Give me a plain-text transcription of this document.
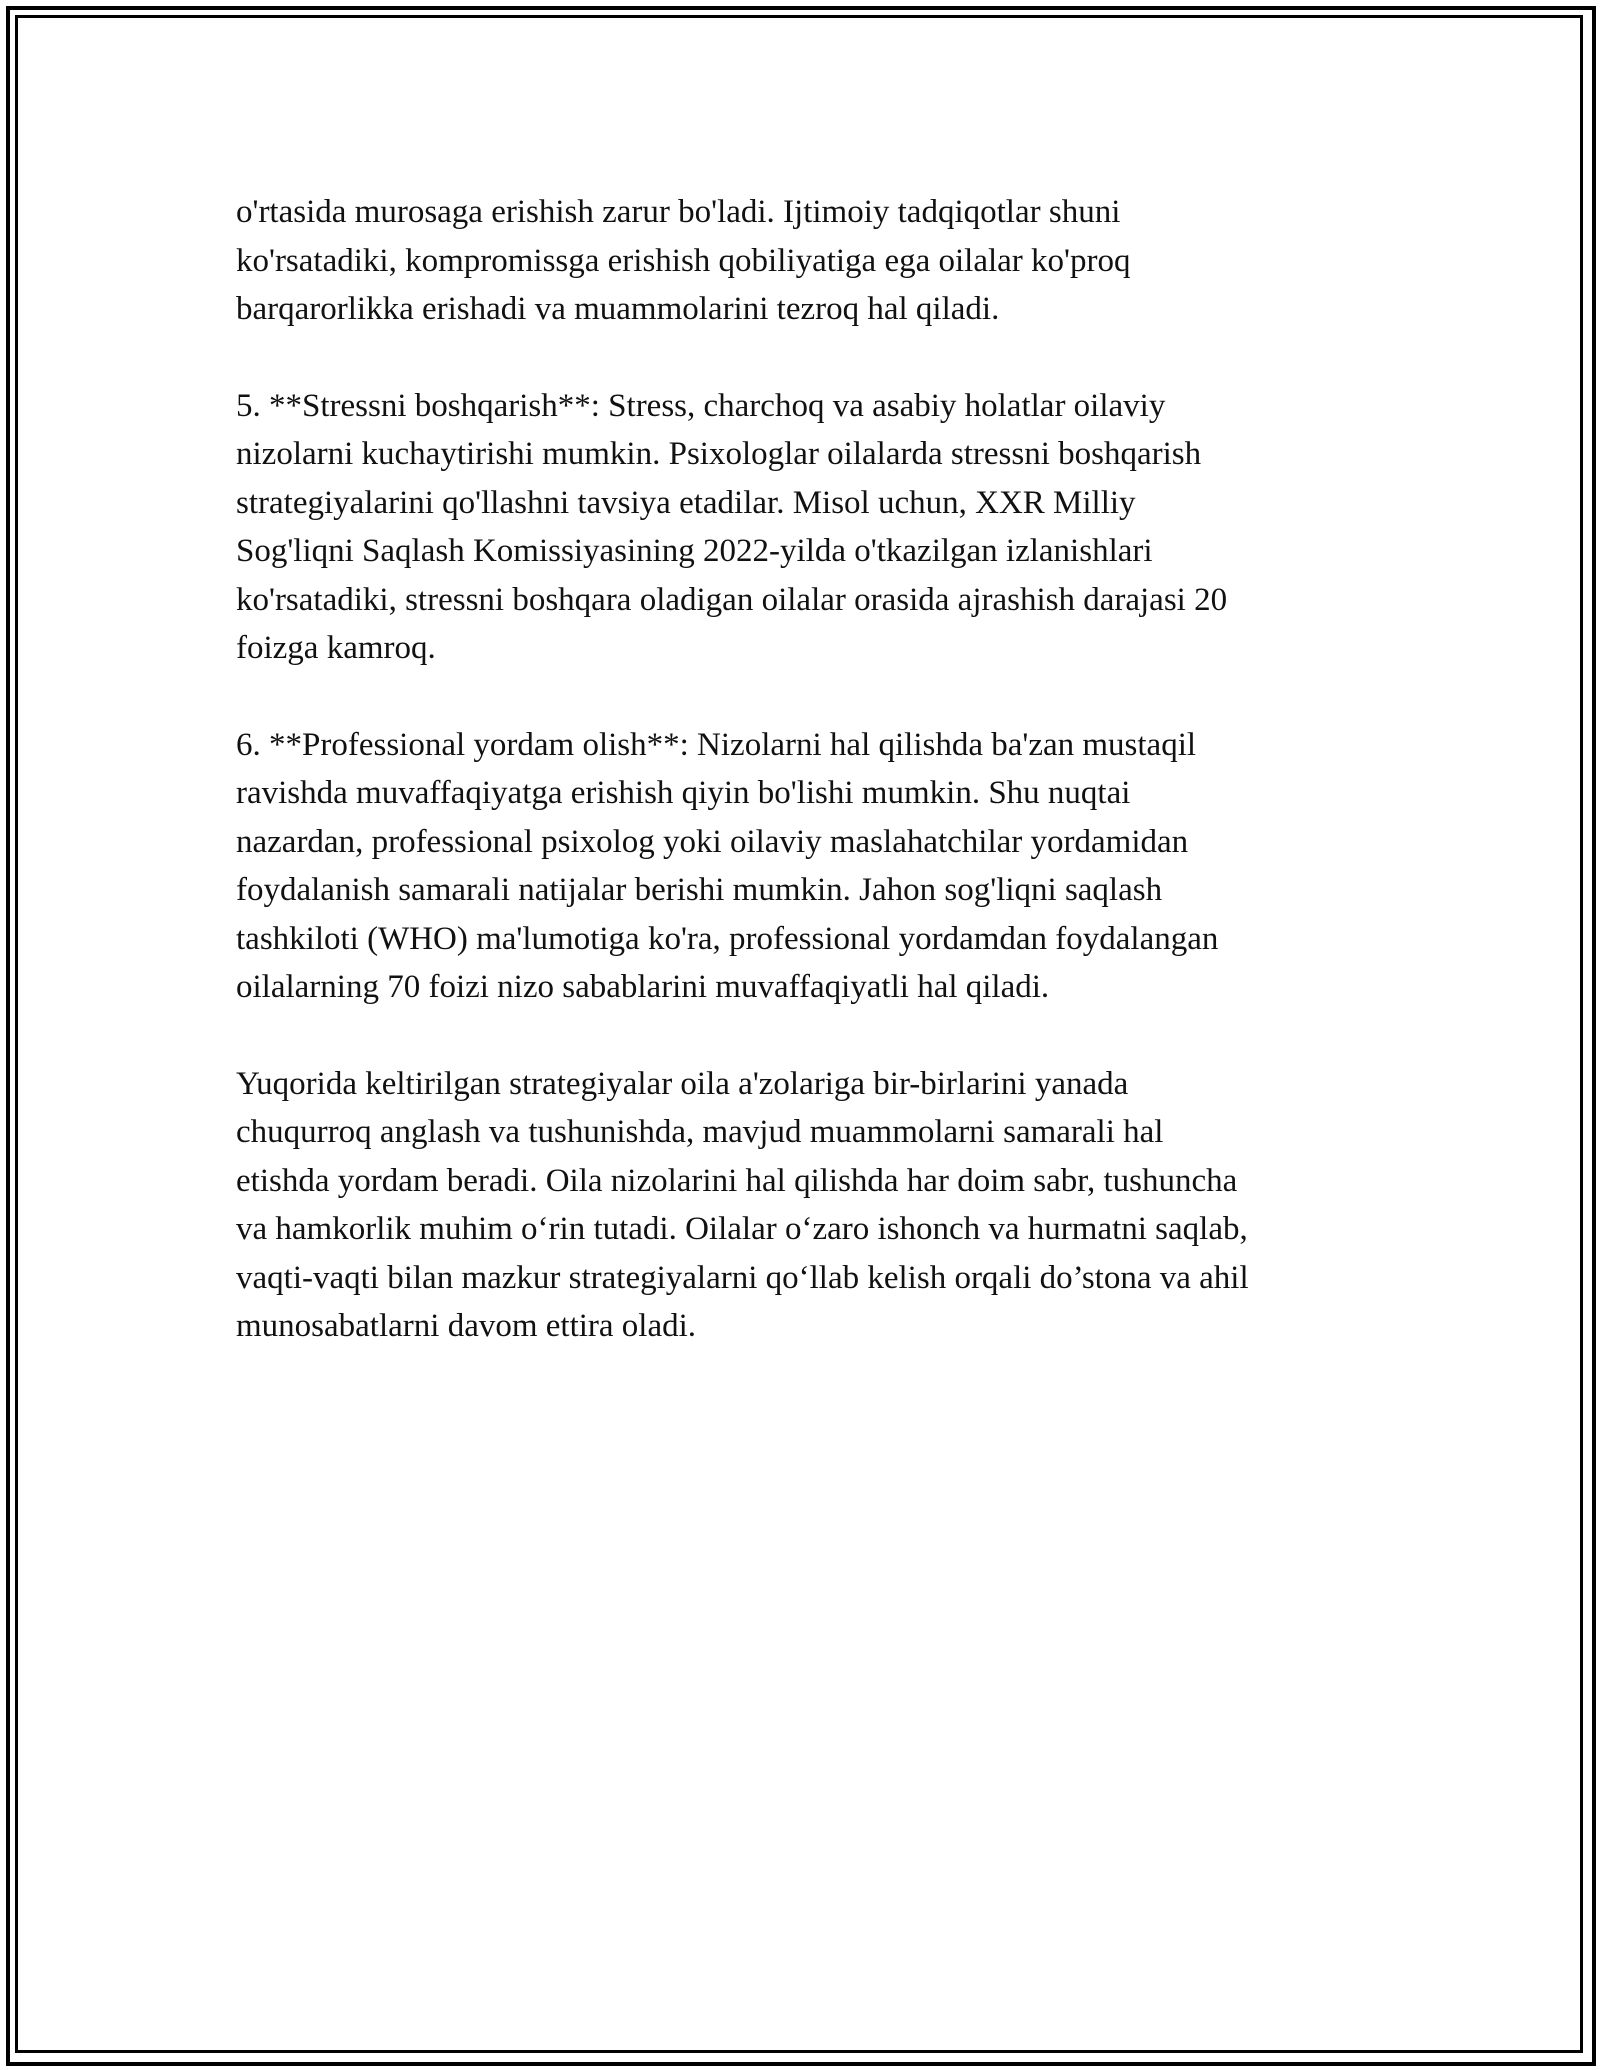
o'rtasida murosaga erishish zarur bo'ladi. Ijtimoiy tadqiqotlar shuni
ko'rsatadiki, kompromissga erishish qobiliyatiga ega oilalar ko'proq
barqarorlikka erishadi va muammolarini tezroq hal qiladi.

5. **Stressni boshqarish**: Stress, charchoq va asabiy holatlar oilaviy
nizolarni kuchaytirishi mumkin. Psixologlar oilalarda stressni boshqarish
strategiyalarini qo'llashni tavsiya etadilar. Misol uchun, XXR Milliy
Sog'liqni Saqlash Komissiyasining 2022-yilda o'tkazilgan izlanishlari
ko'rsatadiki, stressni boshqara oladigan oilalar orasida ajrashish darajasi 20
foizga kamroq.

6. **Professional yordam olish**: Nizolarni hal qilishda ba'zan mustaqil
ravishda muvaffaqiyatga erishish qiyin bo'lishi mumkin. Shu nuqtai
nazardan, professional psixolog yoki oilaviy maslahatchilar yordamidan
foydalanish samarali natijalar berishi mumkin. Jahon sog'liqni saqlash
tashkiloti (WHO) ma'lumotiga ko'ra, professional yordamdan foydalangan
oilalarning 70 foizi nizo sabablarini muvaffaqiyatli hal qiladi.

Yuqorida keltirilgan strategiyalar oila a'zolariga bir-birlarini yanada
chuqurroq anglash va tushunishda, mavjud muammolarni samarali hal
etishda yordam beradi. Oila nizolarini hal qilishda har doim sabr, tushuncha
va hamkorlik muhim o‘rin tutadi. Oilalar o‘zaro ishonch va hurmatni saqlab,
vaqti-vaqti bilan mazkur strategiyalarni qo‘llab kelish orqali do’stona va ahil
munosabatlarni davom ettira oladi.
